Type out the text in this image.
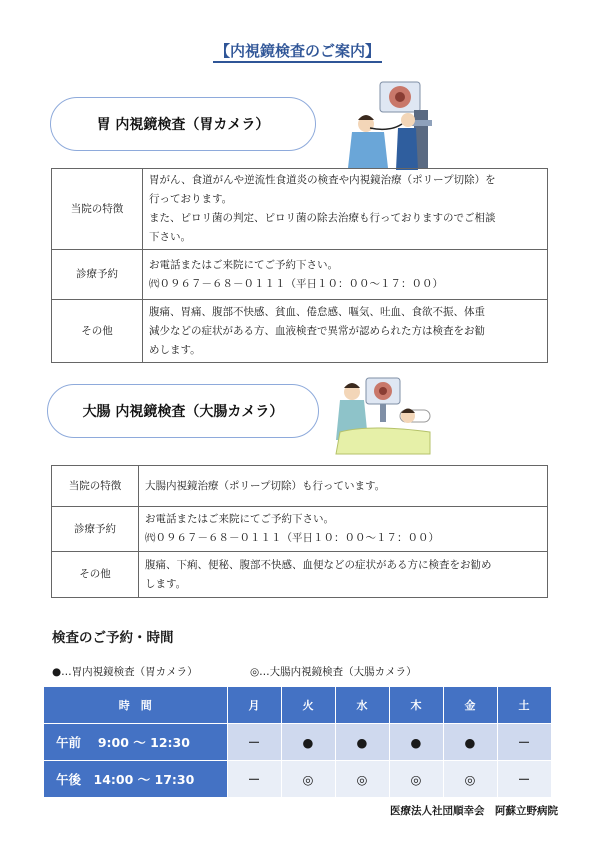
【内視鏡検査のご案内】
胃 内視鏡検査（胃カメラ）
当院の特徴	胃がん、食道がんや逆流性食道炎の検査や内視鏡治療（ポリープ切除）を
行っております。
また、ピロリ菌の判定、ピロリ菌の除去治療も行っておりますのでご相談
下さい。

診療予約	お電話またはご来院にてご予約下さい。
㈹０９６７－６８－０１１１（平日１０：００～１７：００）

その他	腹痛、胃痛、腹部不快感、貧血、倦怠感、嘔気、吐血、食欲不振、体重
減少などの症状がある方、血液検査で異常が認められた方は検査をお勧
めします。
大腸 内視鏡検査（大腸カメラ）
当院の特徴	大腸内視鏡治療（ポリープ切除）も行っています。

診療予約	お電話またはご来院にてご予約下さい。
㈹０９６７－６８－０１１１（平日１０：００～１７：００）

その他	腹痛、下痢、便秘、腹部不快感、血便などの症状がある方に検査をお勧め
します。
検査のご予約・時間
●…胃内視鏡検査（胃カメラ）	◎…大腸内視鏡検査（大腸カメラ）
時　間	月	火	水	木	金	土
午前　 9:00 ～ 12:30	－	●	●	●	●	－
午後　14:00 ～ 17:30	－	◎	◎	◎	◎	－
医療法人社団順幸会　阿蘇立野病院
